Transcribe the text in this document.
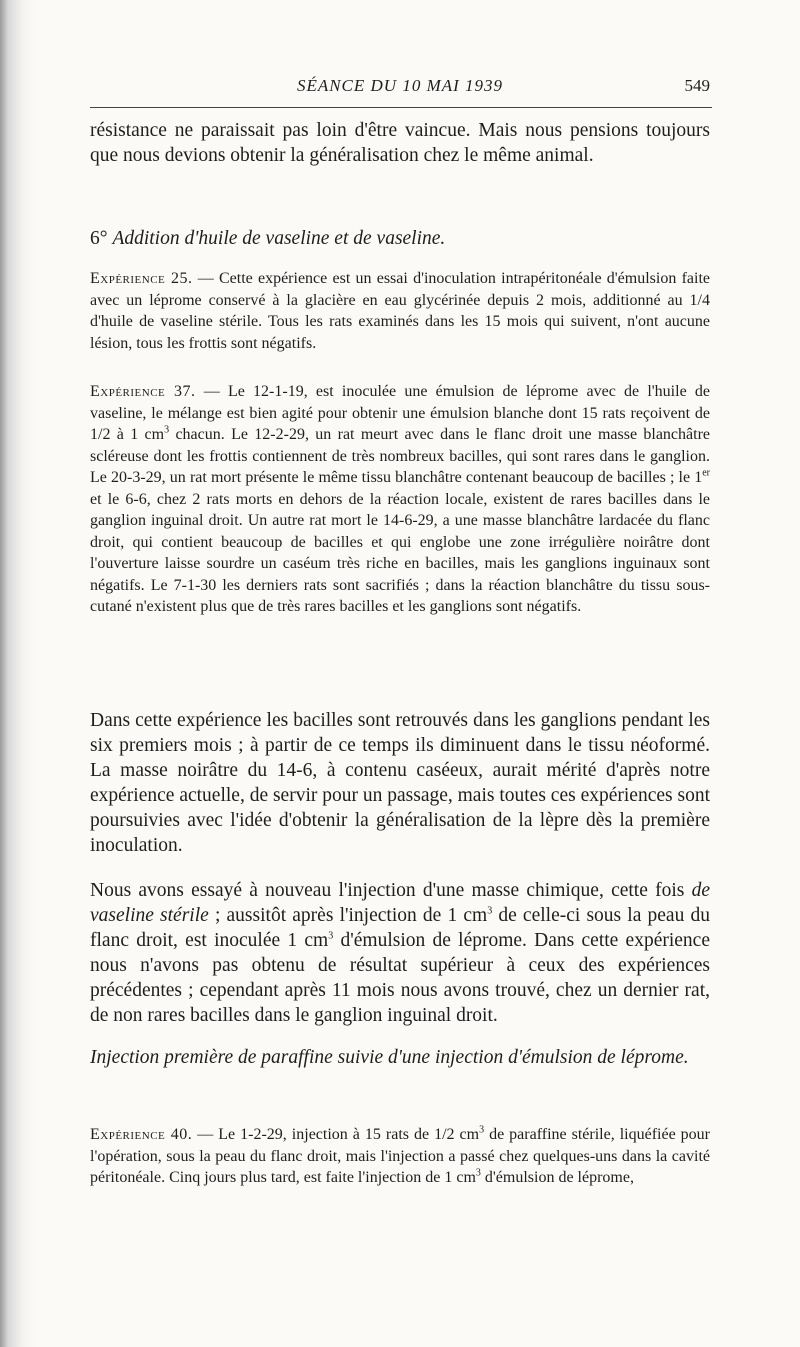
SÉANCE DU 10 MAI 1939	549

résistance ne paraissait pas loin d'être vaincue. Mais nous pensions toujours que nous devions obtenir la généralisation chez le même animal.

6° Addition d'huile de vaseline et de vaseline.

Expérience 25. — Cette expérience est un essai d'inoculation intrapéritonéale d'émulsion faite avec un léprome conservé à la glacière en eau glycérinée depuis 2 mois, additionné au 1/4 d'huile de vaseline stérile. Tous les rats examinés dans les 15 mois qui suivent, n'ont aucune lésion, tous les frottis sont négatifs.

Expérience 37. — Le 12-1-19, est inoculée une émulsion de léprome avec de l'huile de vaseline, le mélange est bien agité pour obtenir une émulsion blanche dont 15 rats reçoivent de 1/2 à 1 $cm^3$ chacun. Le 12-2-29, un rat meurt avec dans le flanc droit une masse blanchâtre scléreuse dont les frottis contiennent de très nombreux bacilles, qui sont rares dans le ganglion. Le 20-3-29, un rat mort présente le même tissu blanchâtre contenant beaucoup de bacilles ; le 1er et le 6-6, chez 2 rats morts en dehors de la réaction locale, existent de rares bacilles dans le ganglion inguinal droit. Un autre rat mort le 14-6-29, a une masse blanchâtre lardacée du flanc droit, qui contient beaucoup de bacilles et qui englobe une zone irrégulière noirâtre dont l'ouverture laisse sourdre un caséum très riche en bacilles, mais les ganglions inguinaux sont négatifs. Le 7-1-30 les derniers rats sont sacrifiés ; dans la réaction blanchâtre du tissu sous-cutané n'existent plus que de très rares bacilles et les ganglions sont négatifs.

Dans cette expérience les bacilles sont retrouvés dans les ganglions pendant les six premiers mois ; à partir de ce temps ils diminuent dans le tissu néoformé. La masse noirâtre du 14-6, à contenu caséeux, aurait mérité d'après notre expérience actuelle, de servir pour un passage, mais toutes ces expériences sont poursuivies avec l'idée d'obtenir la généralisation de la lèpre dès la première inoculation.

Nous avons essayé à nouveau l'injection d'une masse chimique, cette fois de vaseline stérile ; aussitôt après l'injection de 1 $cm^3$ de celle-ci sous la peau du flanc droit, est inoculée 1 $cm^3$ d'émulsion de léprome. Dans cette expérience nous n'avons pas obtenu de résultat supérieur à ceux des expériences précédentes ; cependant après 11 mois nous avons trouvé, chez un dernier rat, de non rares bacilles dans le ganglion inguinal droit.

Injection première de paraffine suivie d'une injection d'émulsion de léprome.

Expérience 40. — Le 1-2-29, injection à 15 rats de 1/2 $cm^3$ de paraffine stérile, liquéfiée pour l'opération, sous la peau du flanc droit, mais l'injection a passé chez quelques-uns dans la cavité péritonéale. Cinq jours plus tard, est faite l'injection de 1 $cm^3$ d'émulsion de léprome,
